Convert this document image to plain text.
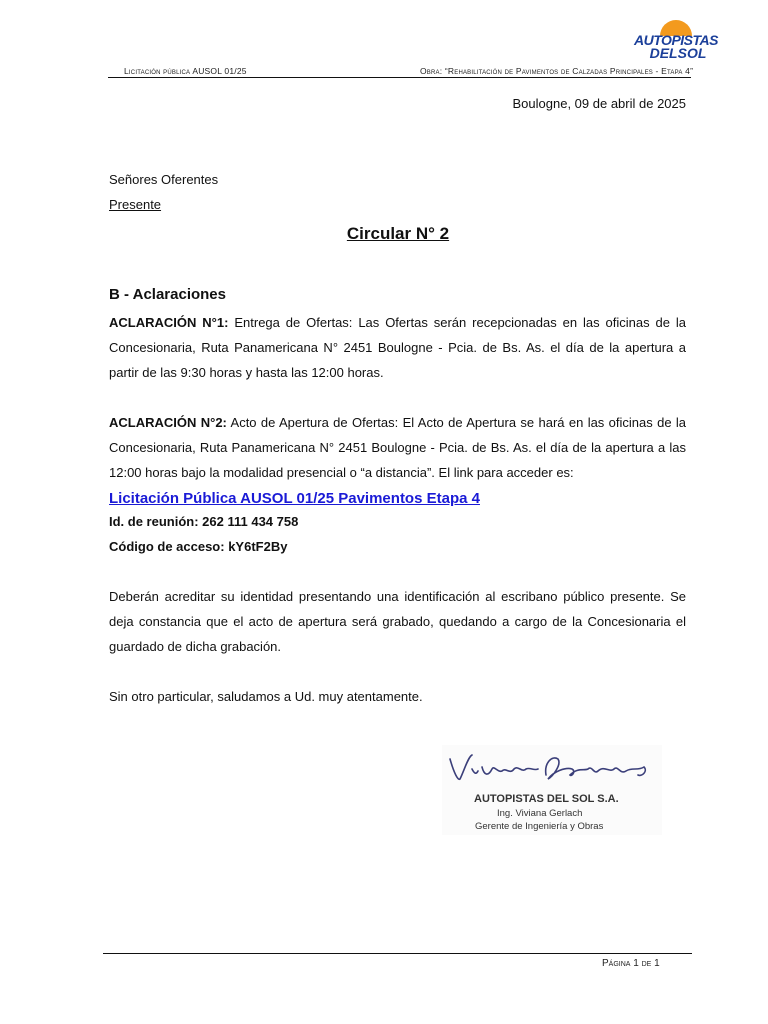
Licitación pública AUSOL 01/25	Obra: “Rehabilitación de Pavimentos de Calzadas Principales - Etapa 4”
AUTOPISTAS
DELSOL
Boulogne, 09 de abril de 2025
Señores Oferentes
Presente
Circular N° 2
B - Aclaraciones
ACLARACIÓN N°1: Entrega de Ofertas: Las Ofertas serán recepcionadas en las oficinas de la Concesionaria, Ruta Panamericana N° 2451 Boulogne - Pcia. de Bs. As. el día de la apertura a partir de las 9:30 horas y hasta las 12:00 horas.
ACLARACIÓN N°2: Acto de Apertura de Ofertas: El Acto de Apertura se hará en las oficinas de la Concesionaria, Ruta Panamericana N° 2451 Boulogne - Pcia. de Bs. As. el día de la apertura a las 12:00 horas bajo la modalidad presencial o “a distancia”. El link para acceder es:
Licitación Pública AUSOL 01/25 Pavimentos Etapa 4
Id. de reunión: 262 111 434 758
Código de acceso: kY6tF2By
Deberán acreditar su identidad presentando una identificación al escribano público presente. Se deja constancia que el acto de apertura será grabado, quedando a cargo de la Concesionaria el guardado de dicha grabación.
Sin otro particular, saludamos a Ud. muy atentamente.
AUTOPISTAS DEL SOL S.A.
Ing. Viviana Gerlach
Gerente de Ingeniería y Obras
Página 1 de 1
